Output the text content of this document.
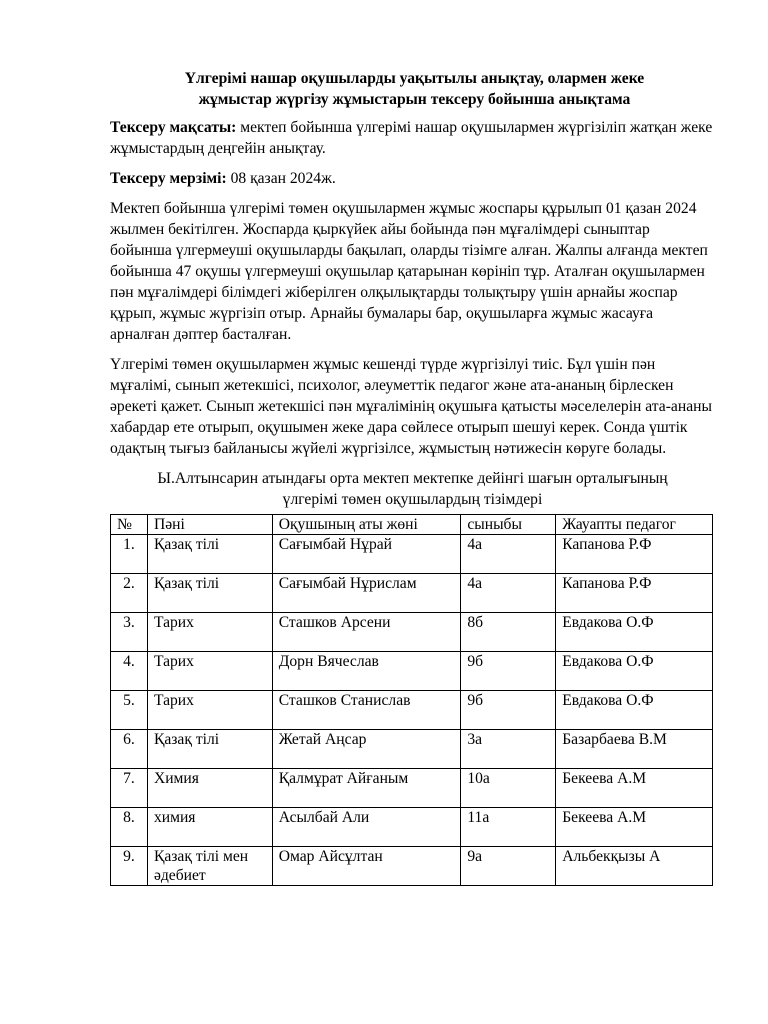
Үлгерімі нашар оқушыларды уақытылы анықтау, олармен жеке
жұмыстар жүргізу жұмыстарын тексеру бойынша анықтама

Тексеру мақсаты: мектеп бойынша үлгерімі нашар оқушылармен жүргізіліп жатқан жеке жұмыстардың деңгейін анықтау.

Тексеру мерзімі: 08 қазан 2024ж.

Мектеп бойынша үлгерімі төмен оқушылармен жұмыс жоспары құрылып 01 қазан 2024 жылмен бекітілген. Жоспарда қыркүйек айы бойында пән мұғалімдері сыныптар бойынша үлгермеуші оқушыларды бақылап, оларды тізімге алған. Жалпы алғанда мектеп бойынша 47 оқушы үлгермеуші оқушылар қатарынан көрініп тұр. Аталған оқушылармен пән мұғалімдері білімдегі жіберілген олқылықтарды толықтыру үшін арнайы жоспар құрып, жұмыс жүргізіп отыр. Арнайы бумалары бар, оқушыларға жұмыс жасауға арналған дәптер басталған.

Үлгерімі төмен оқушылармен жұмыс кешенді түрде жүргізілуі тиіс. Бұл үшін пән мұғалімі, сынып жетекшісі, психолог, әлеуметтік педагог және ата-ананың бірлескен әрекеті қажет. Сынып жетекшісі пән мұғалімінің оқушыға қатысты мәселелерін ата-ананы хабардар ете отырып, оқушымен жеке дара сөйлесе отырып шешуі керек. Сонда үштік одақтың тығыз байланысы жүйелі жүргізілсе, жұмыстың нәтижесін көруге болады.

Ы.Алтынсарин атындағы орта мектеп мектепке дейінгі шағын орталығының
үлгерімі төмен оқушылардың тізімдері
№	Пәні	Оқушының аты жөні	сыныбы	Жауапты педагог
1.	Қазақ тілі	Сағымбай Нұрай	4а	Капанова Р.Ф
2.	Қазақ тілі	Сағымбай Нұрислам	4а	Капанова Р.Ф
3.	Тарих	Сташков Арсени	8б	Евдакова О.Ф
4.	Тарих	Дорн Вячеслав	9б	Евдакова О.Ф
5.	Тарих	Сташков Станислав	9б	Евдакова О.Ф
6.	Қазақ тілі	Жетай Аңсар	3а	Базарбаева В.М
7.	Химия	Қалмұрат Айғаным	10а	Бекеева А.М
8.	химия	Асылбай Али	11а	Бекеева А.М
9.	Қазақ тілі мен әдебиет	Омар Айсұлтан	9а	Альбекқызы А
